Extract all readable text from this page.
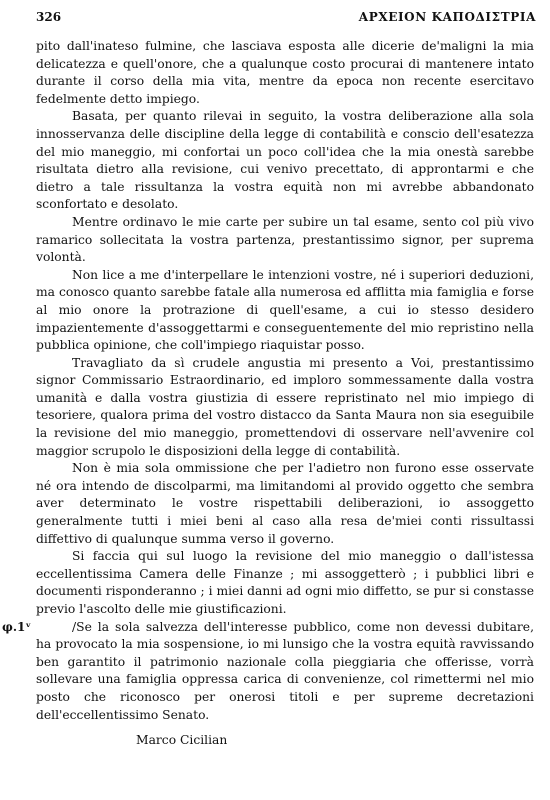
326	ΑΡΧΕΙΟΝ ΚΑΠΟΔΙΣΤΡΙΑ

pito dall'inateso fulmine, che lasciava esposta alle dicerie de'maligni la mia delicatezza e quell'onore, che a qualunque costo procurai di mantenere intato durante il corso della mia vita, mentre da epoca non recente esercitavo fedelmente detto impiego.

Basata, per quanto rilevai in seguito, la vostra deliberazione alla sola innosservanza delle discipline della legge di contabilità e conscio dell'esatezza del mio maneggio, mi confortai un poco coll'idea che la mia onestà sarebbe risultata dietro alla revisione, cui venivo precettato, di approntarmi e che dietro a tale rissultanza la vostra equità non mi avrebbe abbandonato sconfortato e desolato.

Mentre ordinavo le mie carte per subire un tal esame, sento col più vivo ramarico sollecitata la vostra partenza, prestantissimo signor, per suprema volontà.

Non lice a me d'interpellare le intenzioni vostre, né i superiori deduzioni, ma conosco quanto sarebbe fatale alla numerosa ed afflitta mia famiglia e forse al mio onore la protrazione di quell'esame, a cui io stesso desidero impazientemente d'assoggettarmi e conseguentemente del mio repristino nella pubblica opinione, che coll'impiego riaquistar posso.

Travagliato da sì crudele angustia mi presento a Voi, prestantissimo signor Commissario Estraordinario, ed imploro sommessamente dalla vostra umanità e dalla vostra giustizia di essere repristinato nel mio impiego di tesoriere, qualora prima del vostro distacco da Santa Maura non sia eseguibile la revisione del mio maneggio, promettendovi di osservare nell'avvenire col maggior scrupolo le disposizioni della legge di contabilità.

Non è mia sola ommissione che per l'adietro non furono esse osservate né ora intendo de discolparmi, ma limitandomi al provido oggetto che sembra aver determinato le vostre rispettabili deliberazioni, io assoggetto generalmente tutti i miei beni al caso alla resa de'miei conti rissultassi diffettivo di qualunque summa verso il governo.

Si faccia qui sul luogo la revisione del mio maneggio o dall'istessa eccellentissima Camera delle Finanze ; mi assoggetterò ; i pubblici libri e documenti risponderanno ; i miei danni ad ogni mio diffetto, se pur si constasse previo l'ascolto delle mie giustificazioni.

φ.1ᵛ	/Se la sola salvezza dell'interesse pubblico, come non devessi dubitare, ha provocato la mia sospensione, io mi lunsigo che la vostra equità ravvissando ben garantito il patrimonio nazionale colla pieggiaria che offerisse, vorrà sollevare una famiglia oppressa carica di convenienze, col rimettermi nel mio posto che riconosco per onerosi titoli e per supreme decretazioni dell'eccellentissimo Senato.

Marco Cicilian
